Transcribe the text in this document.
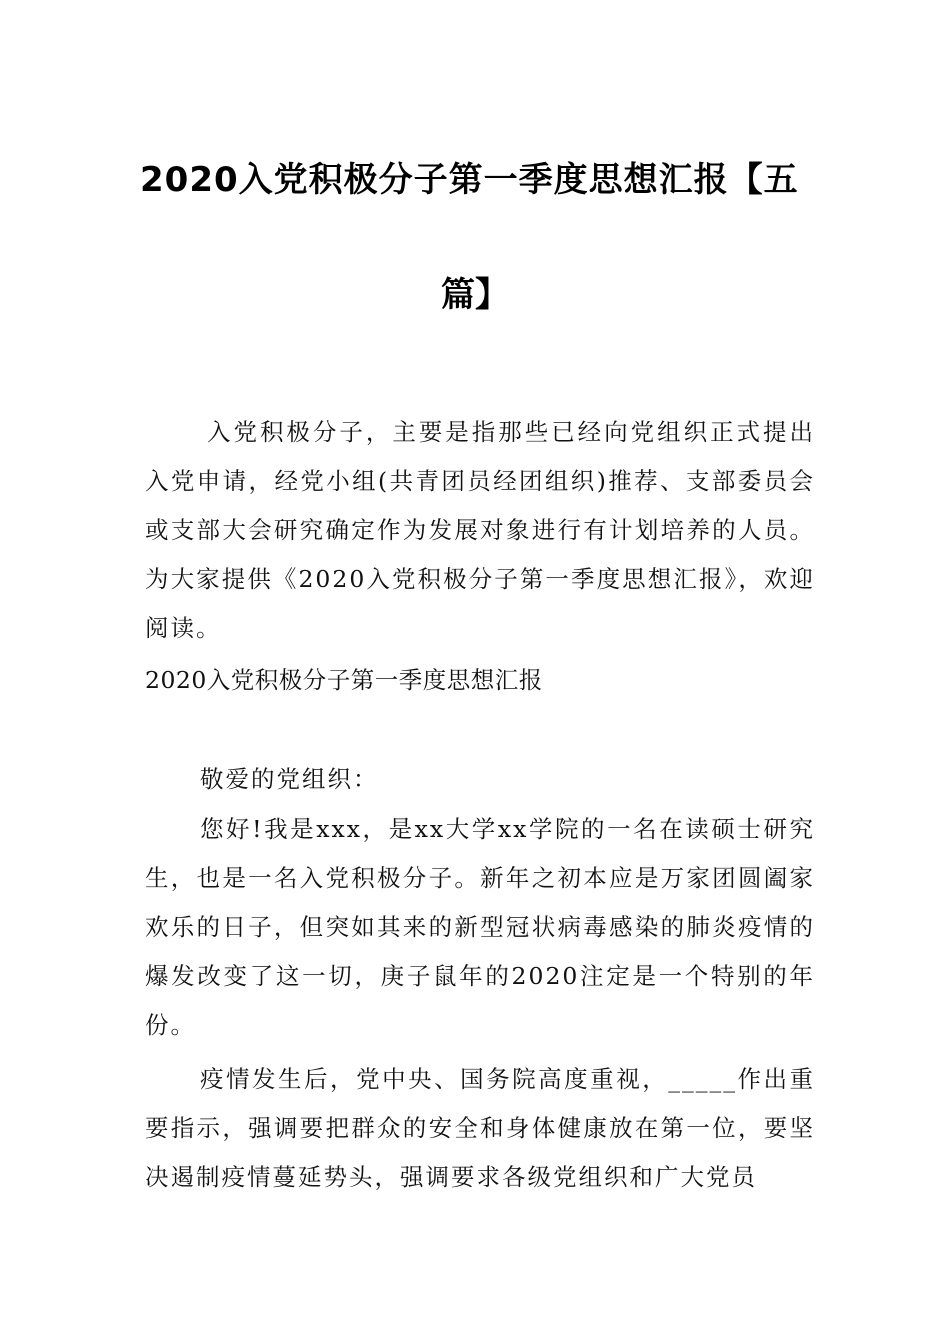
2020入党积极分子第一季度思想汇报【五
篇】

入党积极分子，主要是指那些已经向党组织正式提出入党申请，经党小组(共青团员经团组织)推荐、支部委员会或支部大会研究确定作为发展对象进行有计划培养的人员。为大家提供《2020入党积极分子第一季度思想汇报》，欢迎阅读。

2020入党积极分子第一季度思想汇报

敬爱的党组织：

您好!我是xxx，是xx大学xx学院的一名在读硕士研究生，也是一名入党积极分子。新年之初本应是万家团圆阖家欢乐的日子，但突如其来的新型冠状病毒感染的肺炎疫情的爆发改变了这一切，庚子鼠年的2020注定是一个特别的年份。

疫情发生后，党中央、国务院高度重视，_____作出重要指示，强调要把群众的安全和身体健康放在第一位，要坚决遏制疫情蔓延势头，强调要求各级党组织和广大党员
